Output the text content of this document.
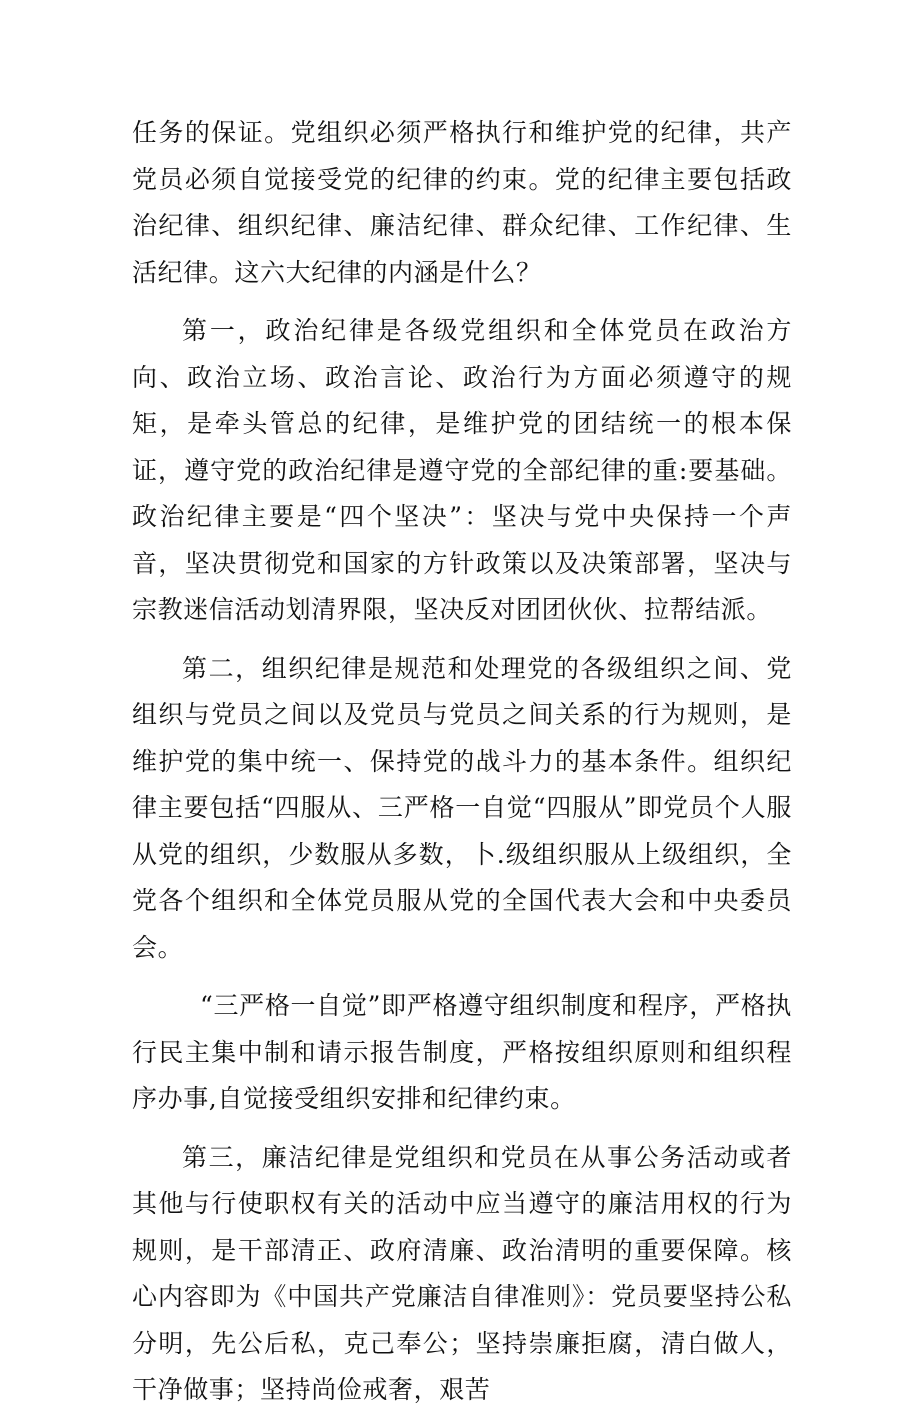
任务的保证。党组织必须严格执行和维护党的纪律，共产党员必须自觉接受党的纪律的约束。党的纪律主要包括政治纪律、组织纪律、廉洁纪律、群众纪律、工作纪律、生活纪律。这六大纪律的内涵是什么？

第一，政治纪律是各级党组织和全体党员在政治方向、政治立场、政治言论、政治行为方面必须遵守的规矩，是牵头管总的纪律，是维护党的团结统一的根本保证，遵守党的政治纪律是遵守党的全部纪律的重:要基础。政治纪律主要是“四个坚决”：坚决与党中央保持一个声音，坚决贯彻党和国家的方针政策以及决策部署，坚决与宗教迷信活动划清界限，坚决反对团团伙伙、拉帮结派。

第二，组织纪律是规范和处理党的各级组织之间、党组织与党员之间以及党员与党员之间关系的行为规则，是维护党的集中统一、保持党的战斗力的基本条件。组织纪律主要包括“四服从、三严格一自觉“四服从”即党员个人服从党的组织，少数服从多数，卜.级组织服从上级组织，全党各个组织和全体党员服从党的全国代表大会和中央委员会。

“三严格一自觉”即严格遵守组织制度和程序，严格执行民主集中制和请示报告制度，严格按组织原则和组织程序办事,自觉接受组织安排和纪律约束。

第三，廉洁纪律是党组织和党员在从事公务活动或者其他与行使职权有关的活动中应当遵守的廉洁用权的行为规则，是干部清正、政府清廉、政治清明的重要保障。核心内容即为《中国共产党廉洁自律准则》：党员要坚持公私分明，先公后私，克己奉公；坚持崇廉拒腐，清白做人，干净做事；坚持尚俭戒奢，艰苦
